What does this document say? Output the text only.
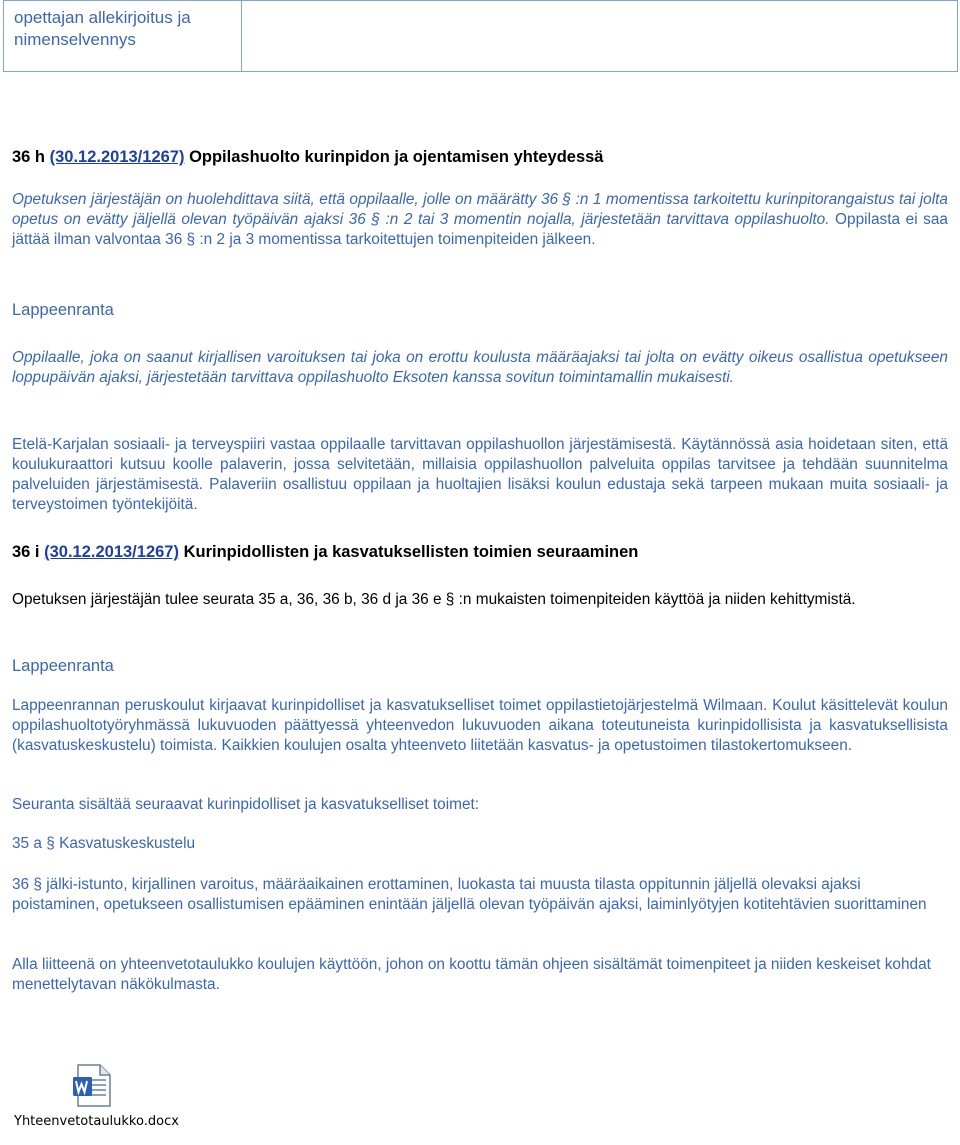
opettajan allekirjoitus ja nimenselvennys

36 h (30.12.2013/1267) Oppilashuolto kurinpidon ja ojentamisen yhteydessä

Opetuksen järjestäjän on huolehdittava siitä, että oppilaalle, jolle on määrätty 36 § :n 1 momentissa tarkoitettu kurinpitorangaistus tai jolta opetus on evätty jäljellä olevan työpäivän ajaksi 36 § :n 2 tai 3 momentin nojalla, järjestetään tarvittava oppilashuolto. Oppilasta ei saa jättää ilman valvontaa 36 § :n 2 ja 3 momentissa tarkoitettujen toimenpiteiden jälkeen.

Lappeenranta

Oppilaalle, joka on saanut kirjallisen varoituksen tai joka on erottu koulusta määräajaksi tai jolta on evätty oikeus osallistua opetukseen loppupäivän ajaksi, järjestetään tarvittava oppilashuolto Eksoten kanssa sovitun toimintamallin mukaisesti.

Etelä-Karjalan sosiaali- ja terveyspiiri vastaa oppilaalle tarvittavan oppilashuollon järjestämisestä. Käytännössä asia hoidetaan siten, että koulukuraattori kutsuu koolle palaverin, jossa selvitetään, millaisia oppilashuollon palveluita oppilas tarvitsee ja tehdään suunnitelma palveluiden järjestämisestä. Palaveriin osallistuu oppilaan ja huoltajien lisäksi koulun edustaja sekä tarpeen mukaan muita sosiaali- ja terveystoimen työntekijöitä.

36 i (30.12.2013/1267) Kurinpidollisten ja kasvatuksellisten toimien seuraaminen

Opetuksen järjestäjän tulee seurata 35 a, 36, 36 b, 36 d ja 36 e § :n mukaisten toimenpiteiden käyttöä ja niiden kehittymistä.

Lappeenranta

Lappeenrannan peruskoulut kirjaavat kurinpidolliset ja kasvatukselliset toimet oppilastietojärjestelmä Wilmaan. Koulut käsittelevät koulun oppilashuoltotyöryhmässä lukuvuoden päättyessä yhteenvedon lukuvuoden aikana toteutuneista kurinpidollisista ja kasvatuksellisista (kasvatuskeskustelu) toimista. Kaikkien koulujen osalta yhteenveto liitetään kasvatus- ja opetustoimen tilastokertomukseen.

Seuranta sisältää seuraavat kurinpidolliset ja kasvatukselliset toimet:

35 a § Kasvatuskeskustelu

36 § jälki-istunto, kirjallinen varoitus, määräaikainen erottaminen, luokasta tai muusta tilasta oppitunnin jäljellä olevaksi ajaksi poistaminen, opetukseen osallistumisen epääminen enintään jäljellä olevan työpäivän ajaksi, laiminlyötyjen kotitehtävien suorittaminen

Alla liitteenä on yhteenvetotaulukko koulujen käyttöön, johon on koottu tämän ohjeen sisältämät toimenpiteet ja niiden keskeiset kohdat menettelytavan näkökulmasta.

Yhteenvetotaulukko.docx
